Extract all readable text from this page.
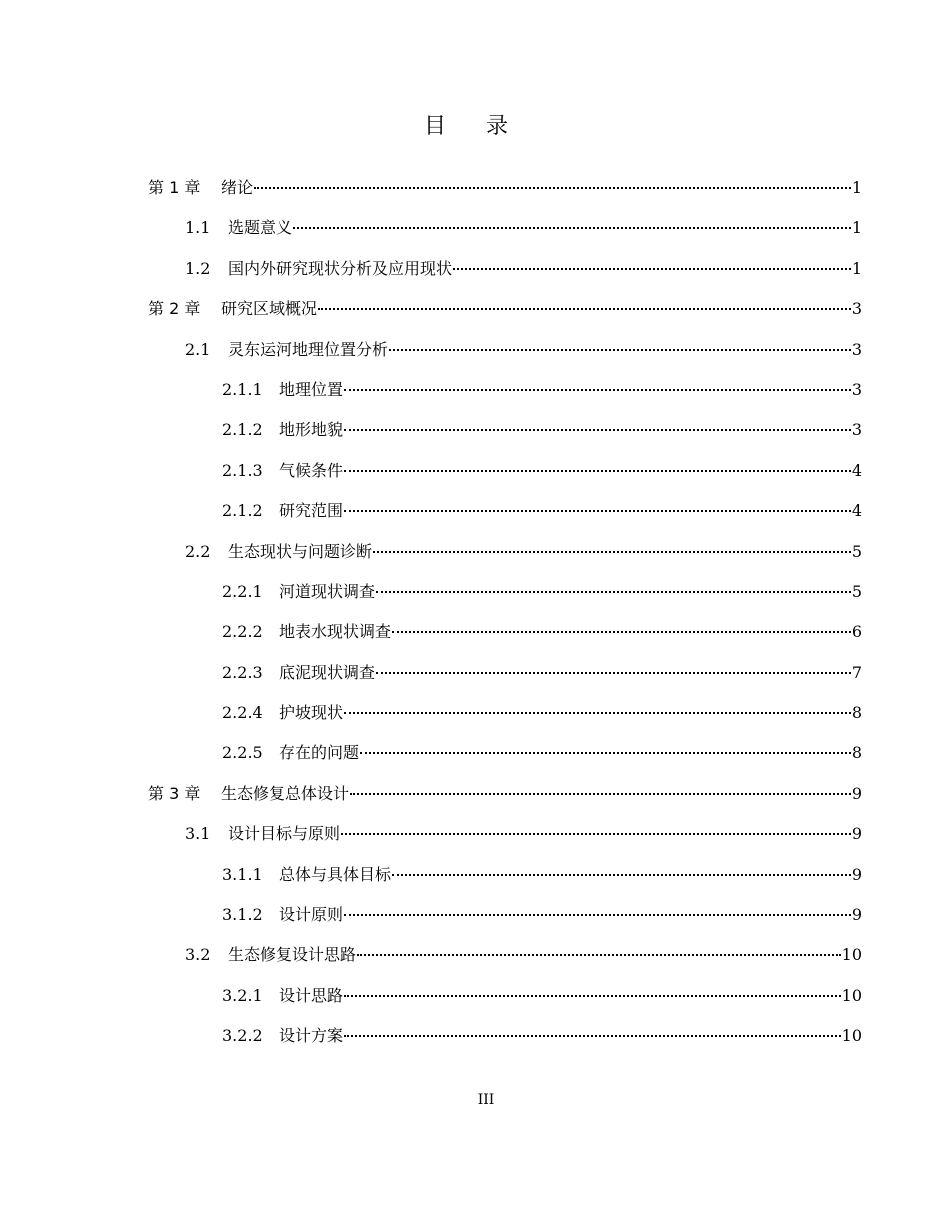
目录
第 1 章	绪论	1
1.1	选题意义	1
1.2	国内外研究现状分析及应用现状	1
第 2 章	研究区域概况	3
2.1	灵东运河地理位置分析	3
2.1.1	地理位置	3
2.1.2	地形地貌	3
2.1.3	气候条件	4
2.1.2	研究范围	4
2.2	生态现状与问题诊断	5
2.2.1	河道现状调查	5
2.2.2	地表水现状调查	6
2.2.3	底泥现状调查	7
2.2.4	护坡现状	8
2.2.5	存在的问题	8
第 3 章	生态修复总体设计	9
3.1	设计目标与原则	9
3.1.1	总体与具体目标	9
3.1.2	设计原则	9
3.2	生态修复设计思路	10
3.2.1	设计思路	10
3.2.2	设计方案	10
III
